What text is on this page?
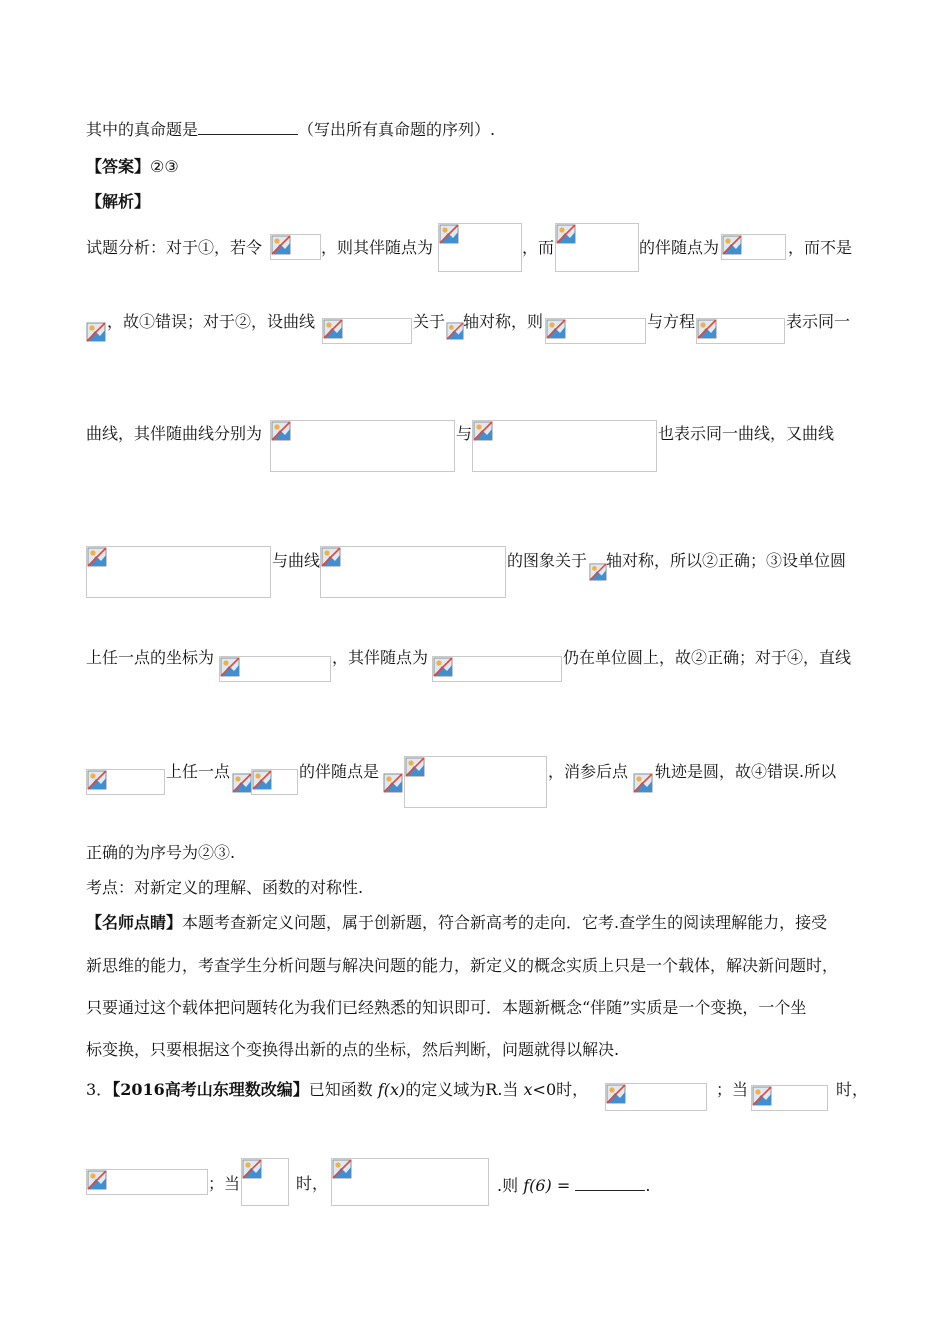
其中的真命题是	（写出所有真命题的序列）.
【答案】②③
【解析】
试题分析：对于①，若令	，则其伴随点为	，而	的伴随点为	，而不是
，故①错误；对于②，设曲线	关于 轴对称，则	与方程	表示同一
曲线，其伴随曲线分别为	与	也表示同一曲线，又曲线
与曲线	的图象关于 轴对称，所以②正确；③设单位圆
上任一点的坐标为	，其伴随点为	仍在单位圆上，故②正确；对于④，直线
上任一点	的伴随点是	，消参后点 轨迹是圆，故④错误.所以
正确的为序号为②③.
考点：对新定义的理解、函数的对称性.
【名师点睛】本题考查新定义问题，属于创新题，符合新高考的走向．它考.查学生的阅读理解能力，接受
新思维的能力，考查学生分析问题与解决问题的能力，新定义的概念实质上只是一个载体，解决新问题时，
只要通过这个载体把问题转化为我们已经熟悉的知识即可．本题新概念“伴随”实质是一个变换，一个坐
标变换，只要根据这个变换得出新的点的坐标，然后判断，问题就得以解决.
3．【2016高考山东理数改编】已知函数 f(x)的定义域为R.当 x<0时，	；当	时，
；当	时，	.则 f(6) =	.
